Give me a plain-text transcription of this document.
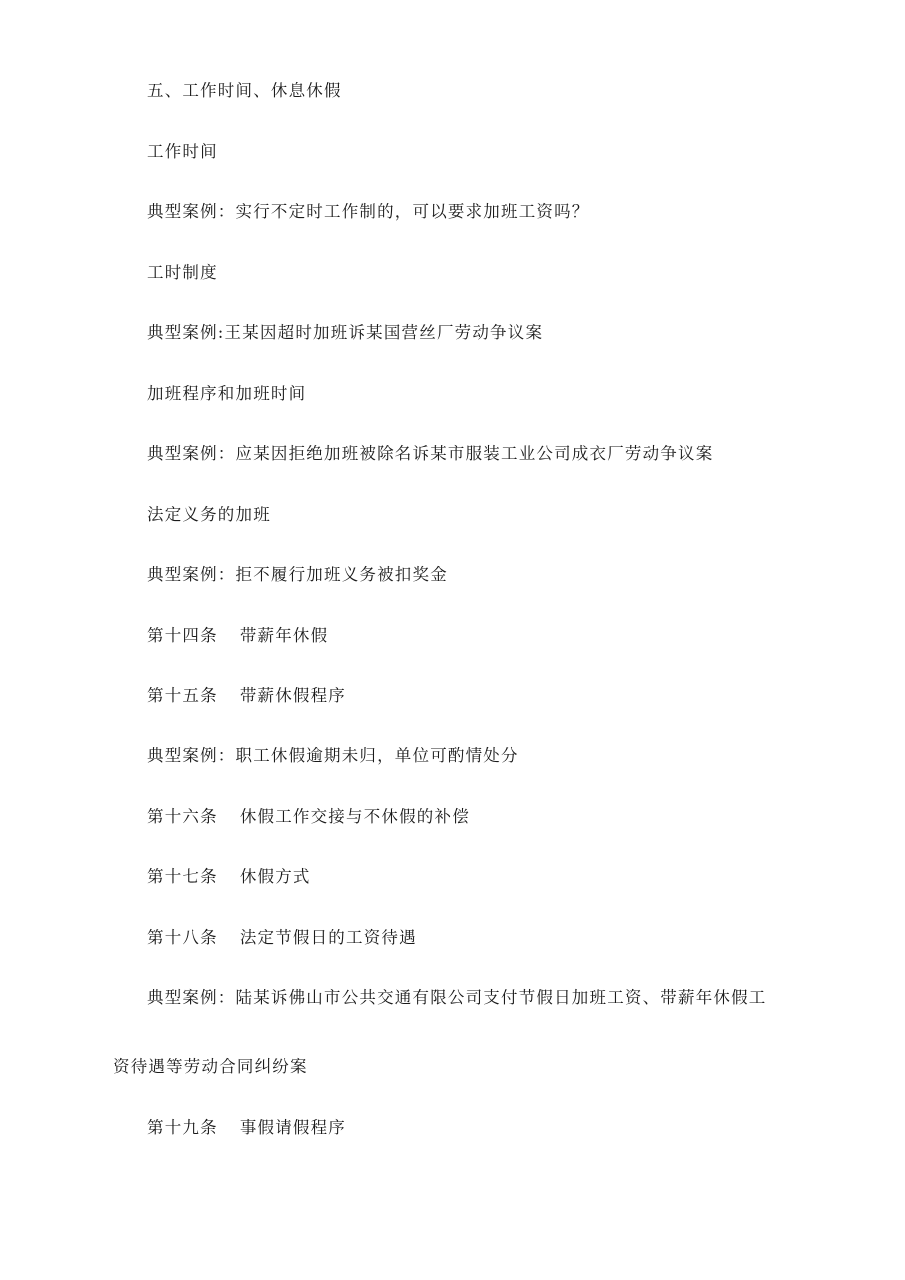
五、工作时间、休息休假
工作时间
典型案例：实行不定时工作制的，可以要求加班工资吗？
工时制度
典型案例:王某因超时加班诉某国营丝厂劳动争议案
加班程序和加班时间
典型案例：应某因拒绝加班被除名诉某市服装工业公司成衣厂劳动争议案
法定义务的加班
典型案例：拒不履行加班义务被扣奖金
第十四条 带薪年休假
第十五条 带薪休假程序
典型案例：职工休假逾期未归，单位可酌情处分
第十六条 休假工作交接与不休假的补偿
第十七条 休假方式
第十八条 法定节假日的工资待遇
典型案例：陆某诉佛山市公共交通有限公司支付节假日加班工资、带薪年休假工
资待遇等劳动合同纠纷案
第十九条 事假请假程序
